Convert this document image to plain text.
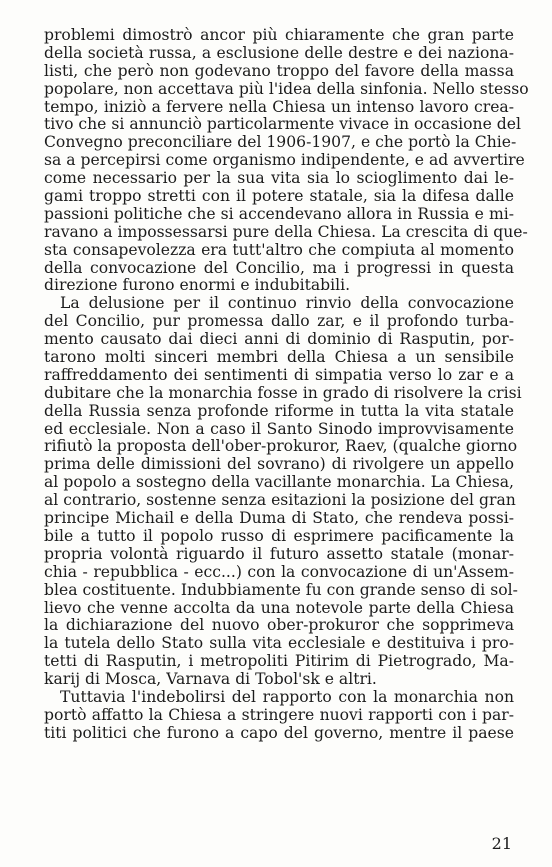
problemi dimostrò ancor più chiaramente che gran parte
della società russa, a esclusione delle destre e dei naziona-
listi, che però non godevano troppo del favore della massa
popolare, non accettava più l'idea della sinfonia. Nello stesso
tempo, iniziò a fervere nella Chiesa un intenso lavoro crea-
tivo che si annunciò particolarmente vivace in occasione del
Convegno preconciliare del 1906-1907, e che portò la Chie-
sa a percepirsi come organismo indipendente, e ad avvertire
come necessario per la sua vita sia lo scioglimento dai le-
gami troppo stretti con il potere statale, sia la difesa dalle
passioni politiche che si accendevano allora in Russia e mi-
ravano a impossessarsi pure della Chiesa. La crescita di que-
sta consapevolezza era tutt'altro che compiuta al momento
della convocazione del Concilio, ma i progressi in questa
direzione furono enormi e indubitabili.
La delusione per il continuo rinvio della convocazione
del Concilio, pur promessa dallo zar, e il profondo turba-
mento causato dai dieci anni di dominio di Rasputin, por-
tarono molti sinceri membri della Chiesa a un sensibile
raffreddamento dei sentimenti di simpatia verso lo zar e a
dubitare che la monarchia fosse in grado di risolvere la crisi
della Russia senza profonde riforme in tutta la vita statale
ed ecclesiale. Non a caso il Santo Sinodo improvvisamente
rifiutò la proposta dell'ober-prokuror, Raev, (qualche giorno
prima delle dimissioni del sovrano) di rivolgere un appello
al popolo a sostegno della vacillante monarchia. La Chiesa,
al contrario, sostenne senza esitazioni la posizione del gran
principe Michail e della Duma di Stato, che rendeva possi-
bile a tutto il popolo russo di esprimere pacificamente la
propria volontà riguardo il futuro assetto statale (monar-
chia - repubblica - ecc...) con la convocazione di un'Assem-
blea costituente. Indubbiamente fu con grande senso di sol-
lievo che venne accolta da una notevole parte della Chiesa
la dichiarazione del nuovo ober-prokuror che sopprimeva
la tutela dello Stato sulla vita ecclesiale e destituiva i pro-
tetti di Rasputin, i metropoliti Pitirim di Pietrogrado, Ma-
karij di Mosca, Varnava di Tobol'sk e altri.
Tuttavia l'indebolirsi del rapporto con la monarchia non
portò affatto la Chiesa a stringere nuovi rapporti con i par-
titi politici che furono a capo del governo, mentre il paese
21
